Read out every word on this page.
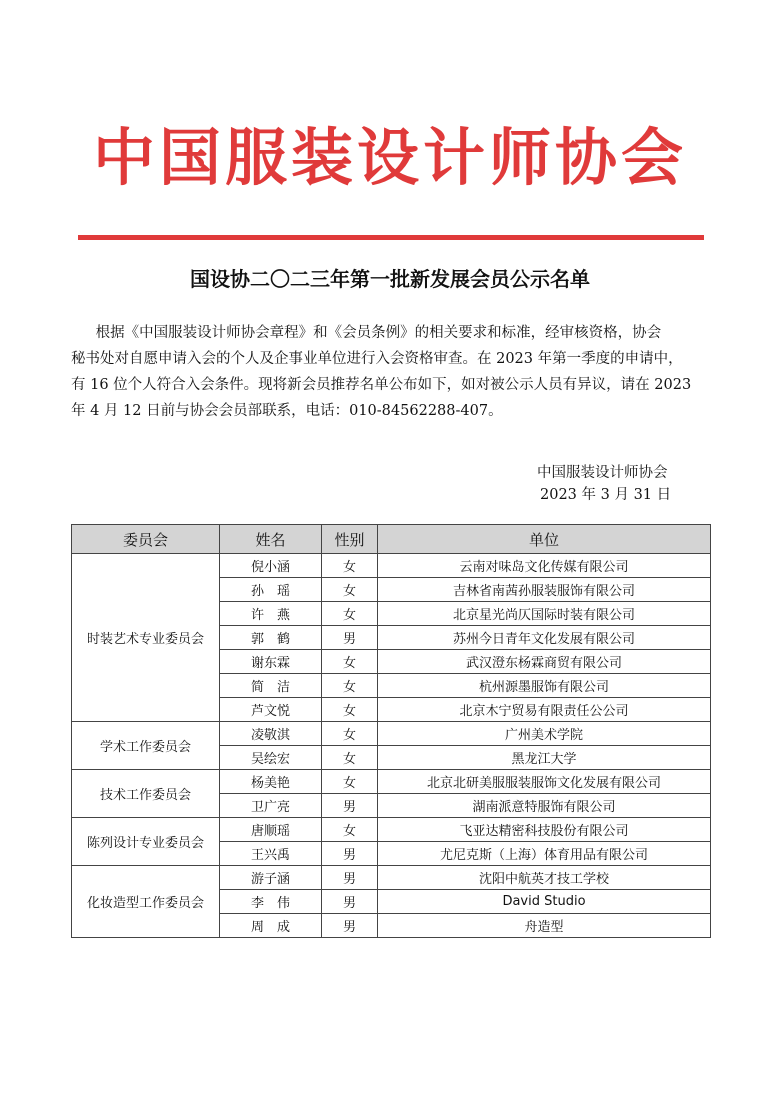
中国服装设计师协会
国设协二〇二三年第一批新发展会员公示名单
根据《中国服装设计师协会章程》和《会员条例》的相关要求和标准，经审核资格，协会
秘书处对自愿申请入会的个人及企事业单位进行入会资格审查。在 2023 年第一季度的申请中，
有 16 位个人符合入会条件。现将新会员推荐名单公布如下，如对被公示人员有异议，请在 2023
年 4 月 12 日前与协会会员部联系，电话：010-84562288-407。
中国服装设计师协会
2023 年 3 月 31 日
委员会	姓名	性别	单位
时装艺术专业委员会	倪小涵	女	云南对味岛文化传媒有限公司
	孙　瑶	女	吉林省南茜孙服装服饰有限公司
	许　燕	女	北京星光尚仄国际时装有限公司
	郭　鹤	男	苏州今日青年文化发展有限公司
	谢东霖	女	武汉澄东杨霖商贸有限公司
	简　洁	女	杭州源墨服饰有限公司
	芦文悦	女	北京木宁贸易有限责任公公司
学术工作委员会	凌敬淇	女	广州美术学院
	吴绘宏	女	黑龙江大学
技术工作委员会	杨美艳	女	北京北研美服服装服饰文化发展有限公司
	卫广亮	男	湖南派意特服饰有限公司
陈列设计专业委员会	唐顺瑶	女	飞亚达精密科技股份有限公司
	王兴禹	男	尤尼克斯（上海）体育用品有限公司
化妆造型工作委员会	游子涵	男	沈阳中航英才技工学校
	李　伟	男	David Studio
	周　成	男	舟造型
